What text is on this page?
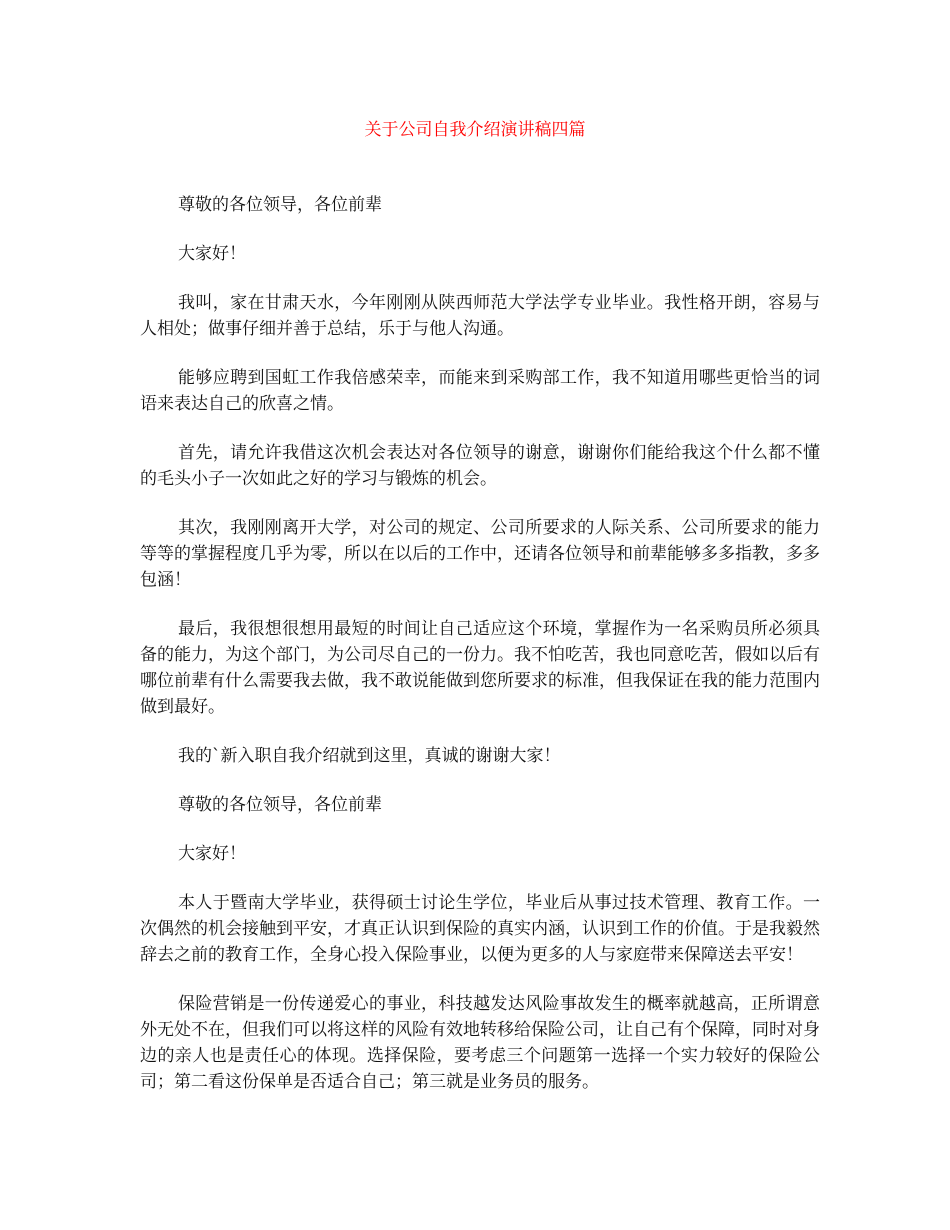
关于公司自我介绍演讲稿四篇

尊敬的各位领导，各位前辈

大家好！

我叫，家在甘肃天水，今年刚刚从陕西师范大学法学专业毕业。我性格开朗，容易与人相处；做事仔细并善于总结，乐于与他人沟通。

能够应聘到国虹工作我倍感荣幸，而能来到采购部工作，我不知道用哪些更恰当的词语来表达自己的欣喜之情。

首先，请允许我借这次机会表达对各位领导的谢意，谢谢你们能给我这个什么都不懂的毛头小子一次如此之好的学习与锻炼的机会。

其次，我刚刚离开大学，对公司的规定、公司所要求的人际关系、公司所要求的能力等等的掌握程度几乎为零，所以在以后的工作中，还请各位领导和前辈能够多多指教，多多包涵！

最后，我很想很想用最短的时间让自己适应这个环境，掌握作为一名采购员所必须具备的能力，为这个部门，为公司尽自己的一份力。我不怕吃苦，我也同意吃苦，假如以后有哪位前辈有什么需要我去做，我不敢说能做到您所要求的标准，但我保证在我的能力范围内做到最好。

我的`新入职自我介绍就到这里，真诚的谢谢大家！

尊敬的各位领导，各位前辈

大家好！

本人于暨南大学毕业，获得硕士讨论生学位，毕业后从事过技术管理、教育工作。一次偶然的机会接触到平安，才真正认识到保险的真实内涵，认识到工作的价值。于是我毅然辞去之前的教育工作，全身心投入保险事业，以便为更多的人与家庭带来保障送去平安！

保险营销是一份传递爱心的事业，科技越发达风险事故发生的概率就越高，正所谓意外无处不在，但我们可以将这样的风险有效地转移给保险公司，让自己有个保障，同时对身边的亲人也是责任心的体现。选择保险，要考虑三个问题第一选择一个实力较好的保险公司；第二看这份保单是否适合自己；第三就是业务员的服务。
